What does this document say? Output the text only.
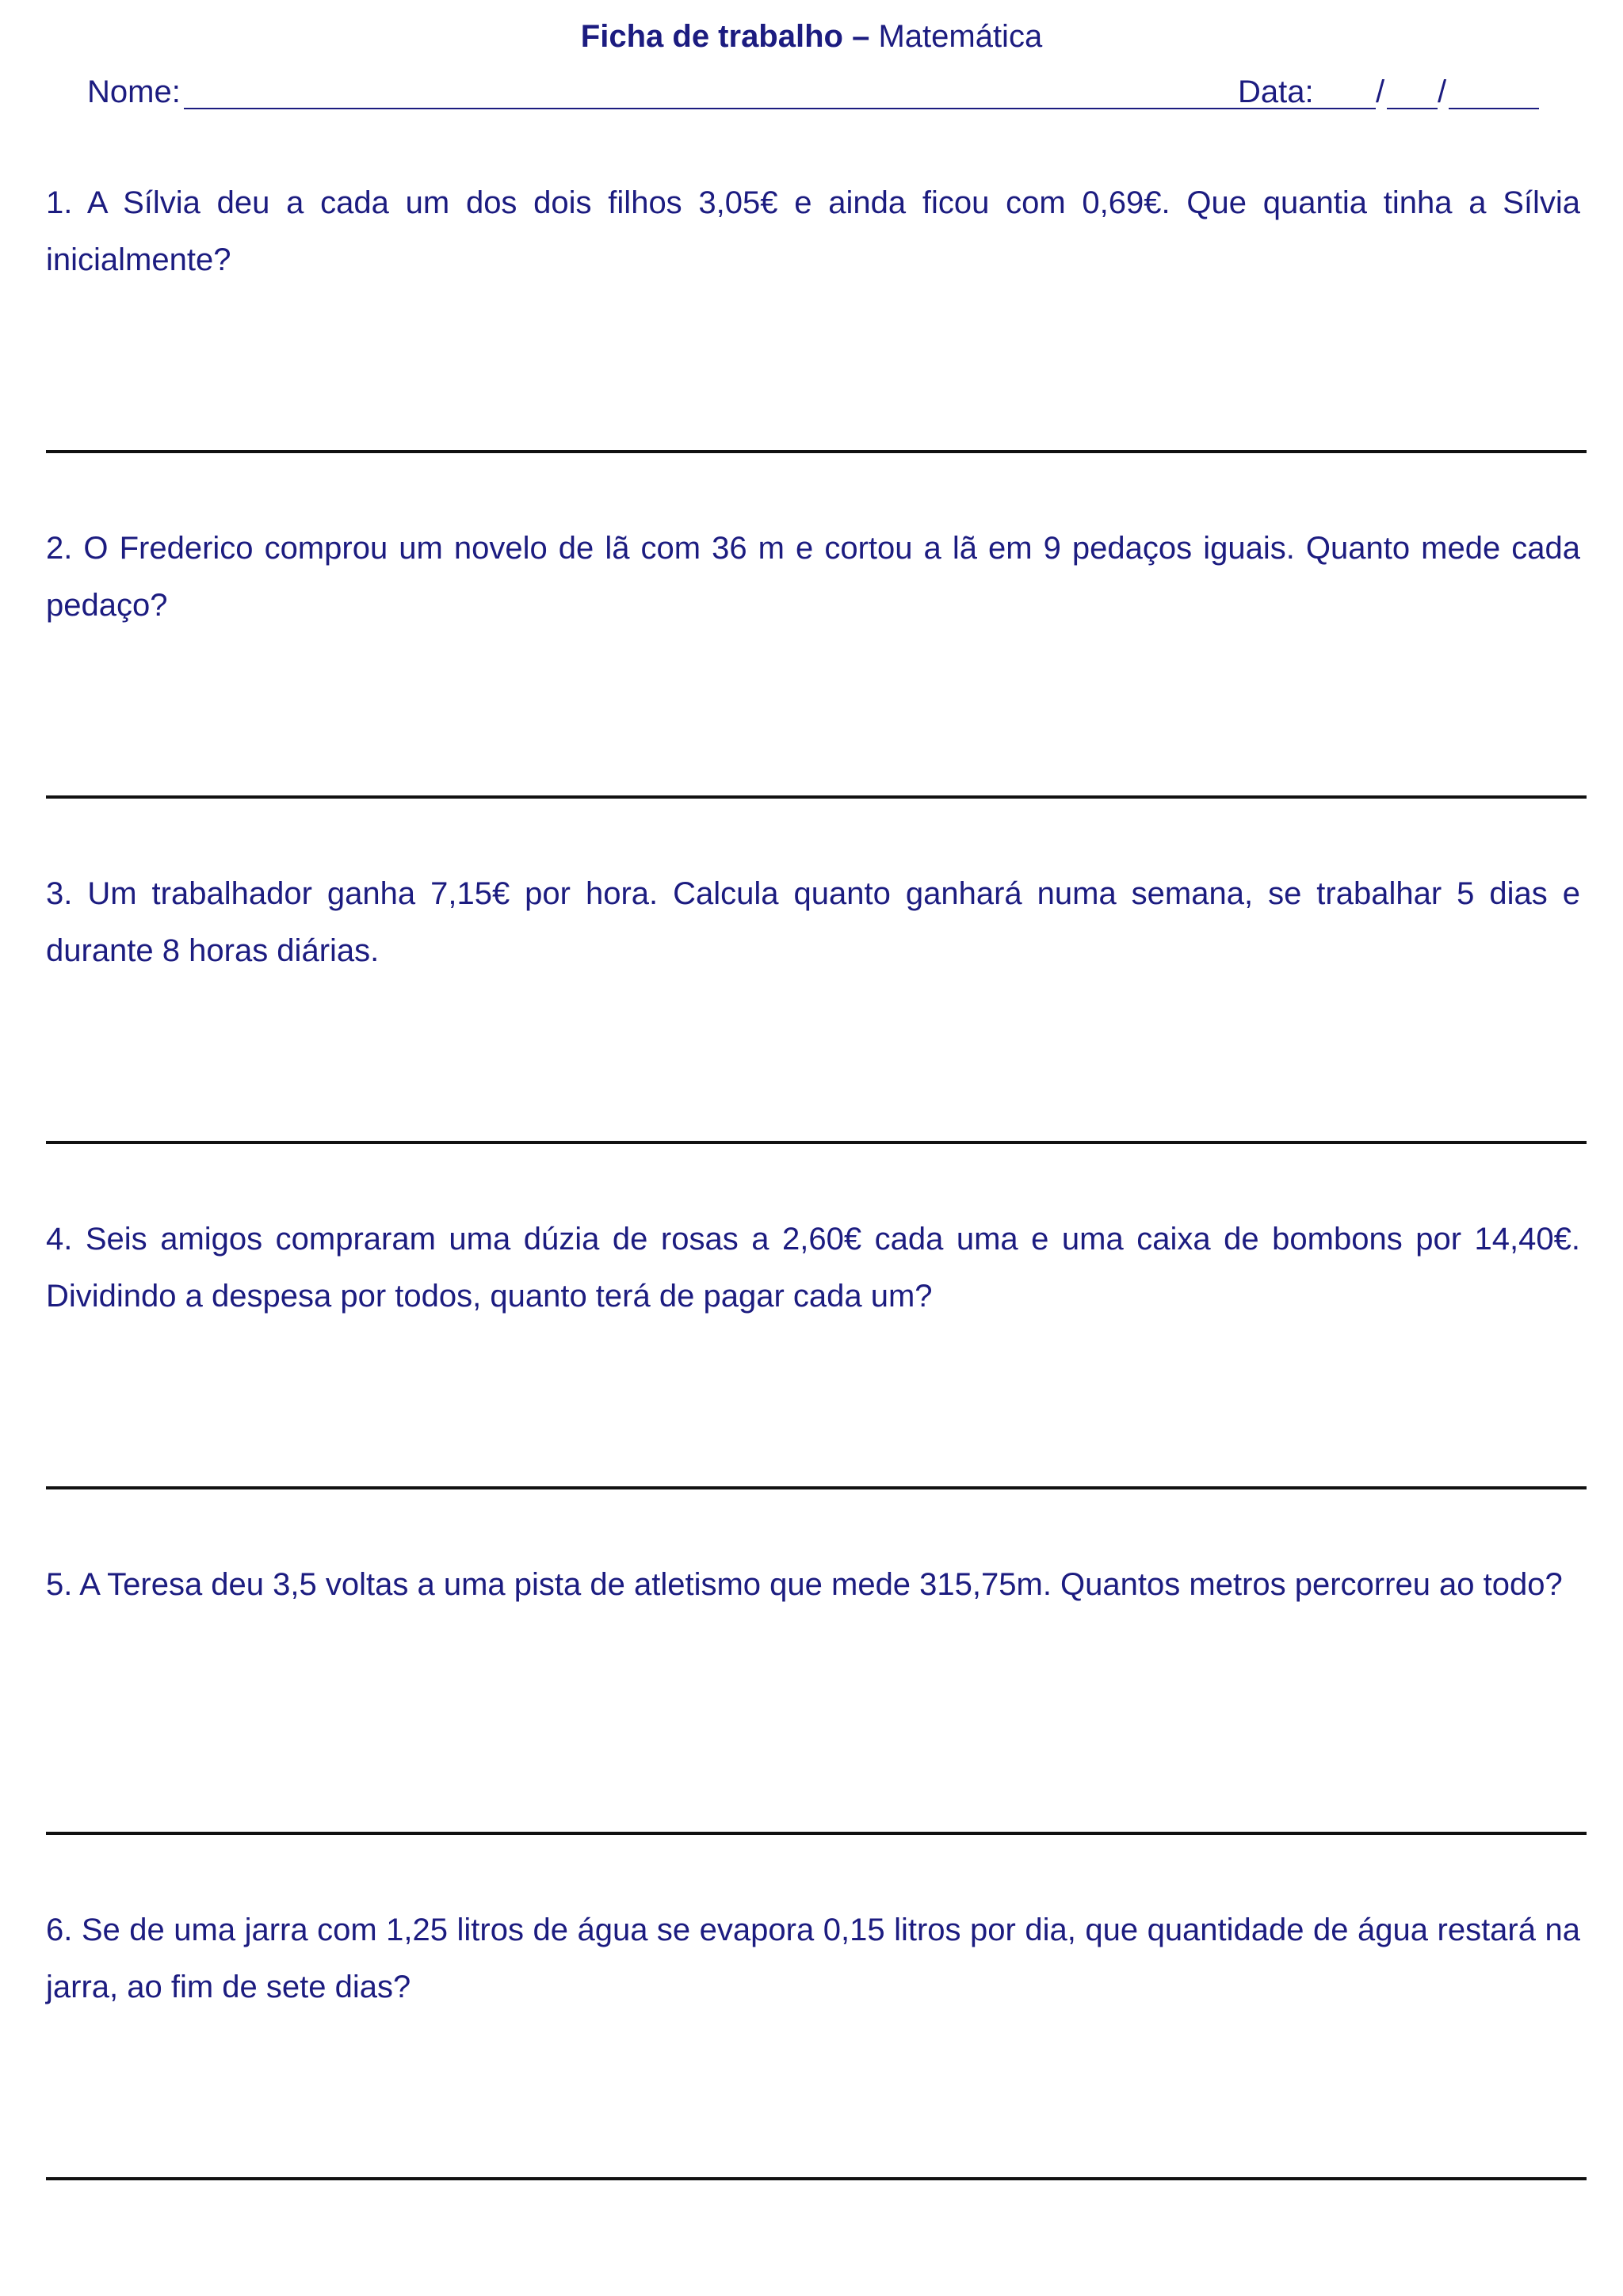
Ficha de trabalho – Matemática
Nome:	Data: / /
1. A Sílvia deu a cada um dos dois filhos 3,05€ e ainda ficou com 0,69€. Que quantia tinha a Sílvia inicialmente?
2. O Frederico comprou um novelo de lã com 36 m e cortou a lã em 9 pedaços iguais. Quanto mede cada pedaço?
3. Um trabalhador ganha 7,15€ por hora. Calcula quanto ganhará numa semana, se trabalhar 5 dias e durante 8 horas diárias.
4. Seis amigos compraram uma dúzia de rosas a 2,60€ cada uma e uma caixa de bombons por 14,40€. Dividindo a despesa por todos, quanto terá de pagar cada um?
5. A Teresa deu 3,5 voltas a uma pista de atletismo que mede 315,75m. Quantos metros percorreu ao todo?
6. Se de uma jarra com 1,25 litros de água se evapora 0,15 litros por dia, que quantidade de água restará na jarra, ao fim de sete dias?
